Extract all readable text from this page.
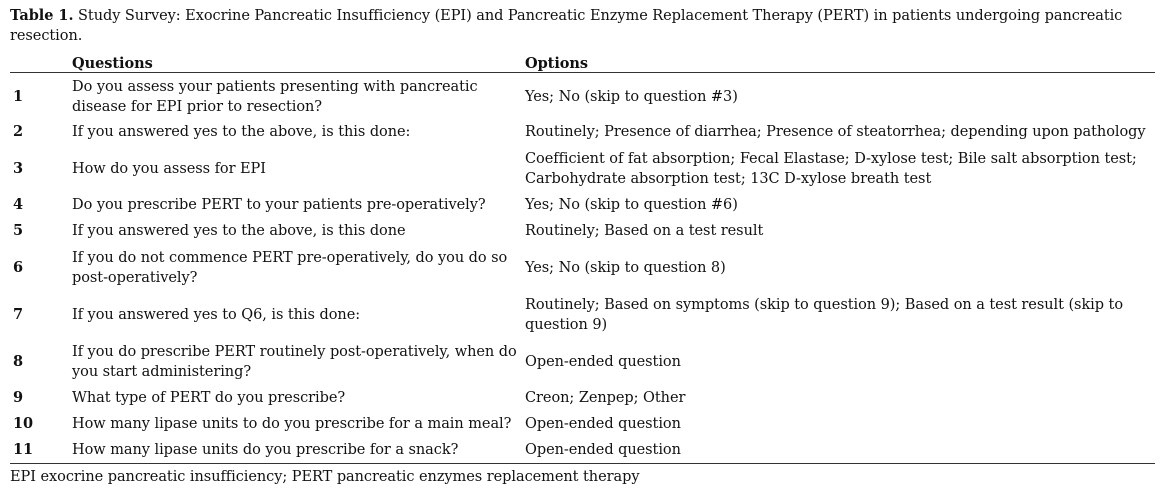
Table 1. Study Survey: Exocrine Pancreatic Insufficiency (EPI) and Pancreatic Enzyme Replacement Therapy (PERT) in patients undergoing pancreatic resection.
	Questions	Options
1	Do you assess your patients presenting with pancreatic disease for EPI prior to resection?	Yes; No (skip to question #3)
2	If you answered yes to the above, is this done:	Routinely; Presence of diarrhea; Presence of steatorrhea; depending upon pathology
3	How do you assess for EPI	Coefficient of fat absorption; Fecal Elastase; D-xylose test; Bile salt absorption test; Carbohydrate absorption test; 13C D-xylose breath test
4	Do you prescribe PERT to your patients pre-operatively?	Yes; No (skip to question #6)
5	If you answered yes to the above, is this done	Routinely; Based on a test result
6	If you do not commence PERT pre-operatively, do you do so post-operatively?	Yes; No (skip to question 8)
7	If you answered yes to Q6, is this done:	Routinely; Based on symptoms (skip to question 9); Based on a test result (skip to question 9)
8	If you do prescribe PERT routinely post-operatively, when do you start administering?	Open-ended question
9	What type of PERT do you prescribe?	Creon; Zenpep; Other
10	How many lipase units to do you prescribe for a main meal?	Open-ended question
11	How many lipase units do you prescribe for a snack?	Open-ended question
EPI exocrine pancreatic insufficiency; PERT pancreatic enzymes replacement therapy		
